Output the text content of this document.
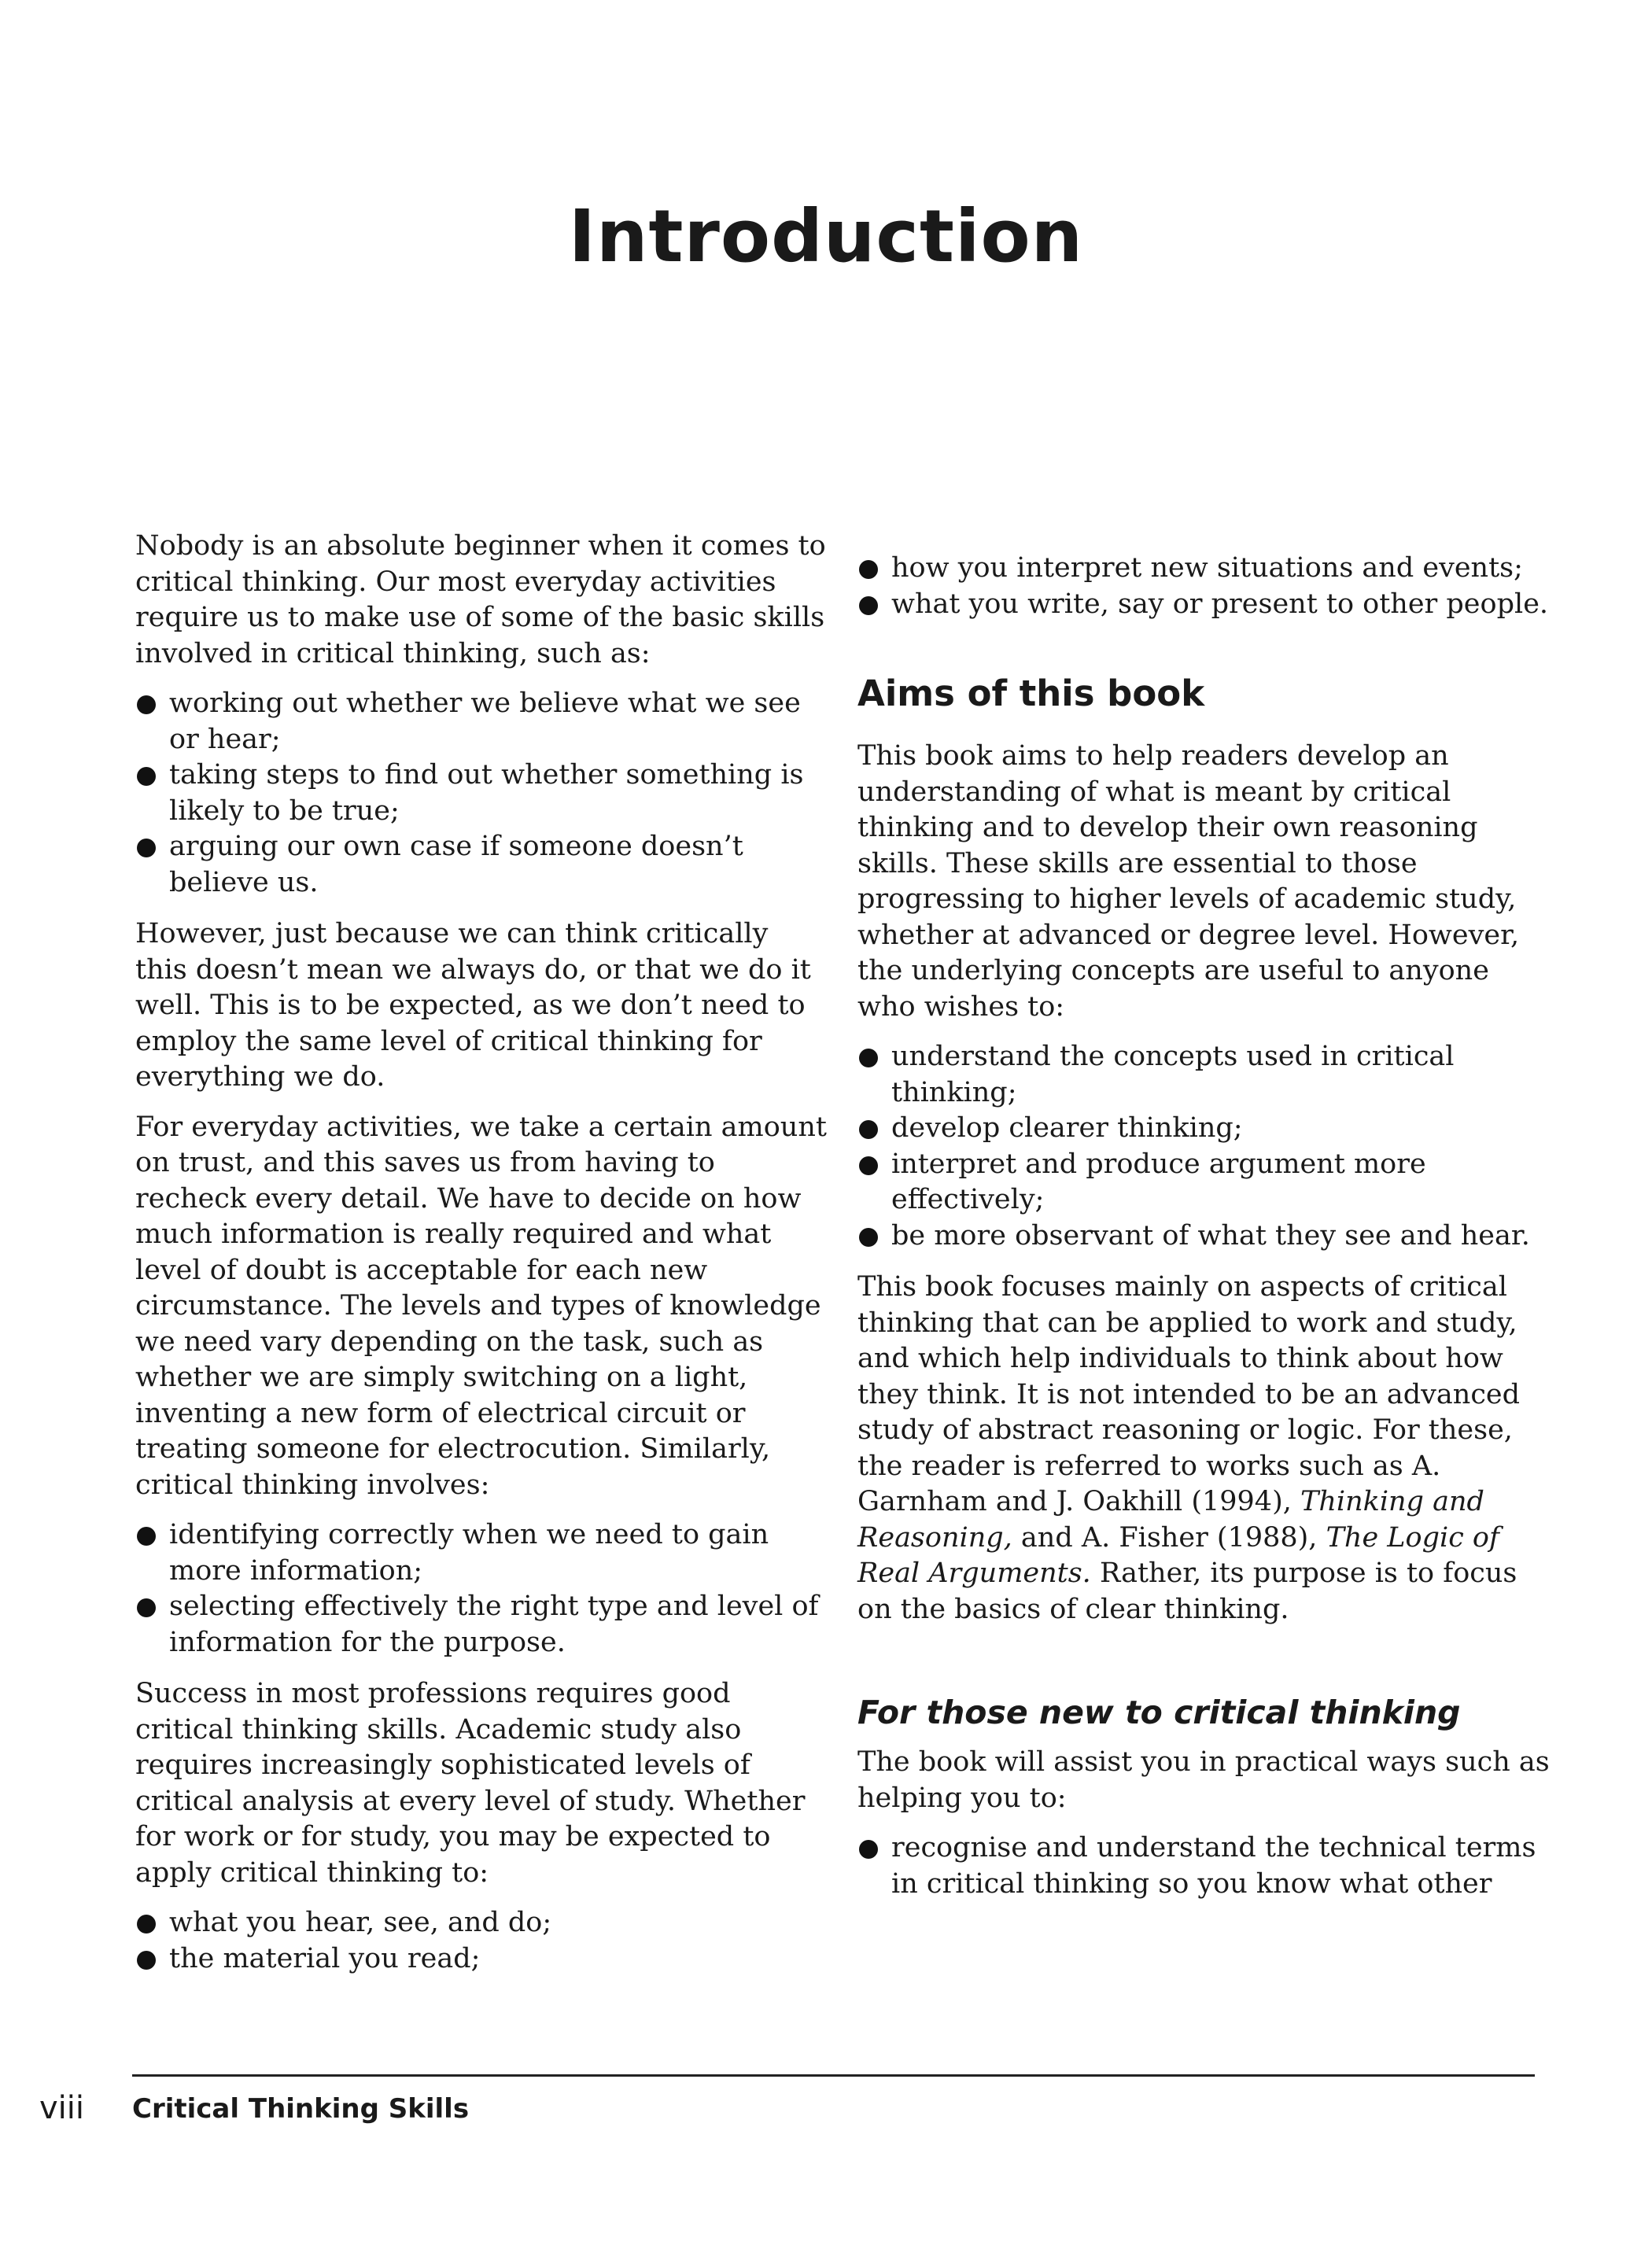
Introduction

Nobody is an absolute beginner when it comes to critical thinking. Our most everyday activities require us to make use of some of the basic skills involved in critical thinking, such as:

working out whether we believe what we see or hear;
taking steps to find out whether something is likely to be true;
arguing our own case if someone doesn’t believe us.

However, just because we can think critically this doesn’t mean we always do, or that we do it well. This is to be expected, as we don’t need to employ the same level of critical thinking for everything we do.

For everyday activities, we take a certain amount on trust, and this saves us from having to recheck every detail. We have to decide on how much information is really required and what level of doubt is acceptable for each new circumstance. The levels and types of knowledge we need vary depending on the task, such as whether we are simply switching on a light, inventing a new form of electrical circuit or treating someone for electrocution. Similarly, critical thinking involves:

identifying correctly when we need to gain more information;
selecting effectively the right type and level of information for the purpose.

Success in most professions requires good critical thinking skills. Academic study also requires increasingly sophisticated levels of critical analysis at every level of study. Whether for work or for study, you may be expected to apply critical thinking to:

what you hear, see, and do;
the material you read;
how you interpret new situations and events;
what you write, say or present to other people.
Aims of this book

This book aims to help readers develop an understanding of what is meant by critical thinking and to develop their own reasoning skills. These skills are essential to those progressing to higher levels of academic study, whether at advanced or degree level. However, the underlying concepts are useful to anyone who wishes to:

understand the concepts used in critical thinking;
develop clearer thinking;
interpret and produce argument more effectively;
be more observant of what they see and hear.

This book focuses mainly on aspects of critical thinking that can be applied to work and study, and which help individuals to think about how they think. It is not intended to be an advanced study of abstract reasoning or logic. For these, the reader is referred to works such as A. Garnham and J. Oakhill (1994), Thinking and Reasoning, and A. Fisher (1988), The Logic of Real Arguments. Rather, its purpose is to focus on the basics of clear thinking.

For those new to critical thinking

The book will assist you in practical ways such as helping you to:

recognise and understand the technical terms in critical thinking so you know what other
viii Critical Thinking Skills
